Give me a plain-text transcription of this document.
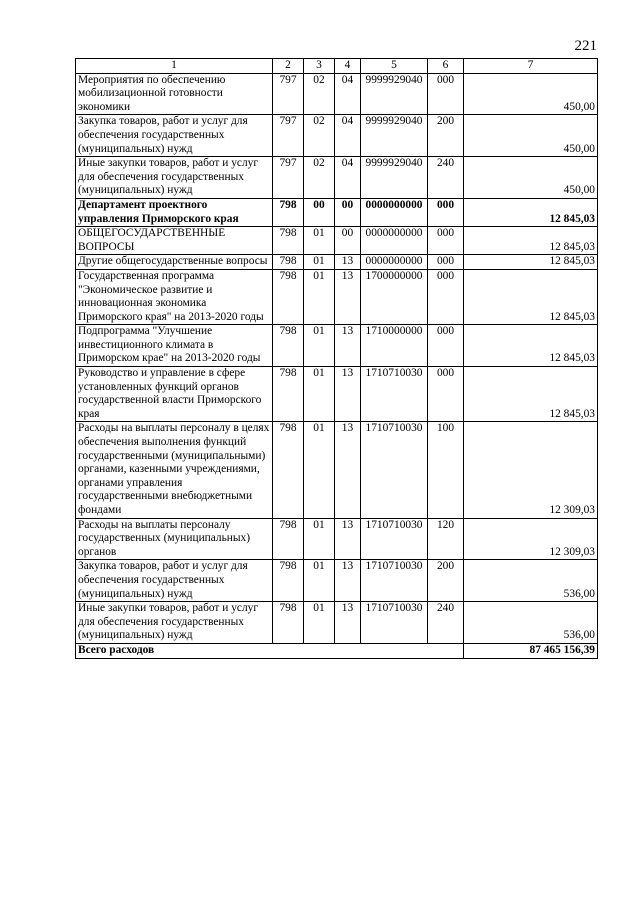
221
1	2	3	4	5	6	7
Мероприятия по обеспечению мобилизационной готовности экономики	797	02	04	9999929040	000	450,00
Закупка товаров, работ и услуг для обеспечения государственных (муниципальных) нужд	797	02	04	9999929040	200	450,00
Иные закупки товаров, работ и услуг для обеспечения государственных (муниципальных) нужд	797	02	04	9999929040	240	450,00
Департамент проектного управления Приморского края	798	00	00	0000000000	000	12 845,03
ОБЩЕГОСУДАРСТВЕННЫЕ ВОПРОСЫ	798	01	00	0000000000	000	12 845,03
Другие общегосударственные вопросы	798	01	13	0000000000	000	12 845,03
Государственная программа "Экономическое развитие и инновационная экономика Приморского края" на 2013-2020 годы	798	01	13	1700000000	000	12 845,03
Подпрограмма "Улучшение инвестиционного климата в Приморском крае" на 2013-2020 годы	798	01	13	1710000000	000	12 845,03
Руководство и управление в сфере установленных функций органов государственной власти Приморского края	798	01	13	1710710030	000	12 845,03
Расходы на выплаты персоналу в целях обеспечения выполнения функций государственными (муниципальными) органами, казенными учреждениями, органами управления государственными внебюджетными фондами	798	01	13	1710710030	100	12 309,03
Расходы на выплаты персоналу государственных (муниципальных) органов	798	01	13	1710710030	120	12 309,03
Закупка товаров, работ и услуг для обеспечения государственных (муниципальных) нужд	798	01	13	1710710030	200	536,00
Иные закупки товаров, работ и услуг для обеспечения государственных (муниципальных) нужд	798	01	13	1710710030	240	536,00
Всего расходов						87 465 156,39
